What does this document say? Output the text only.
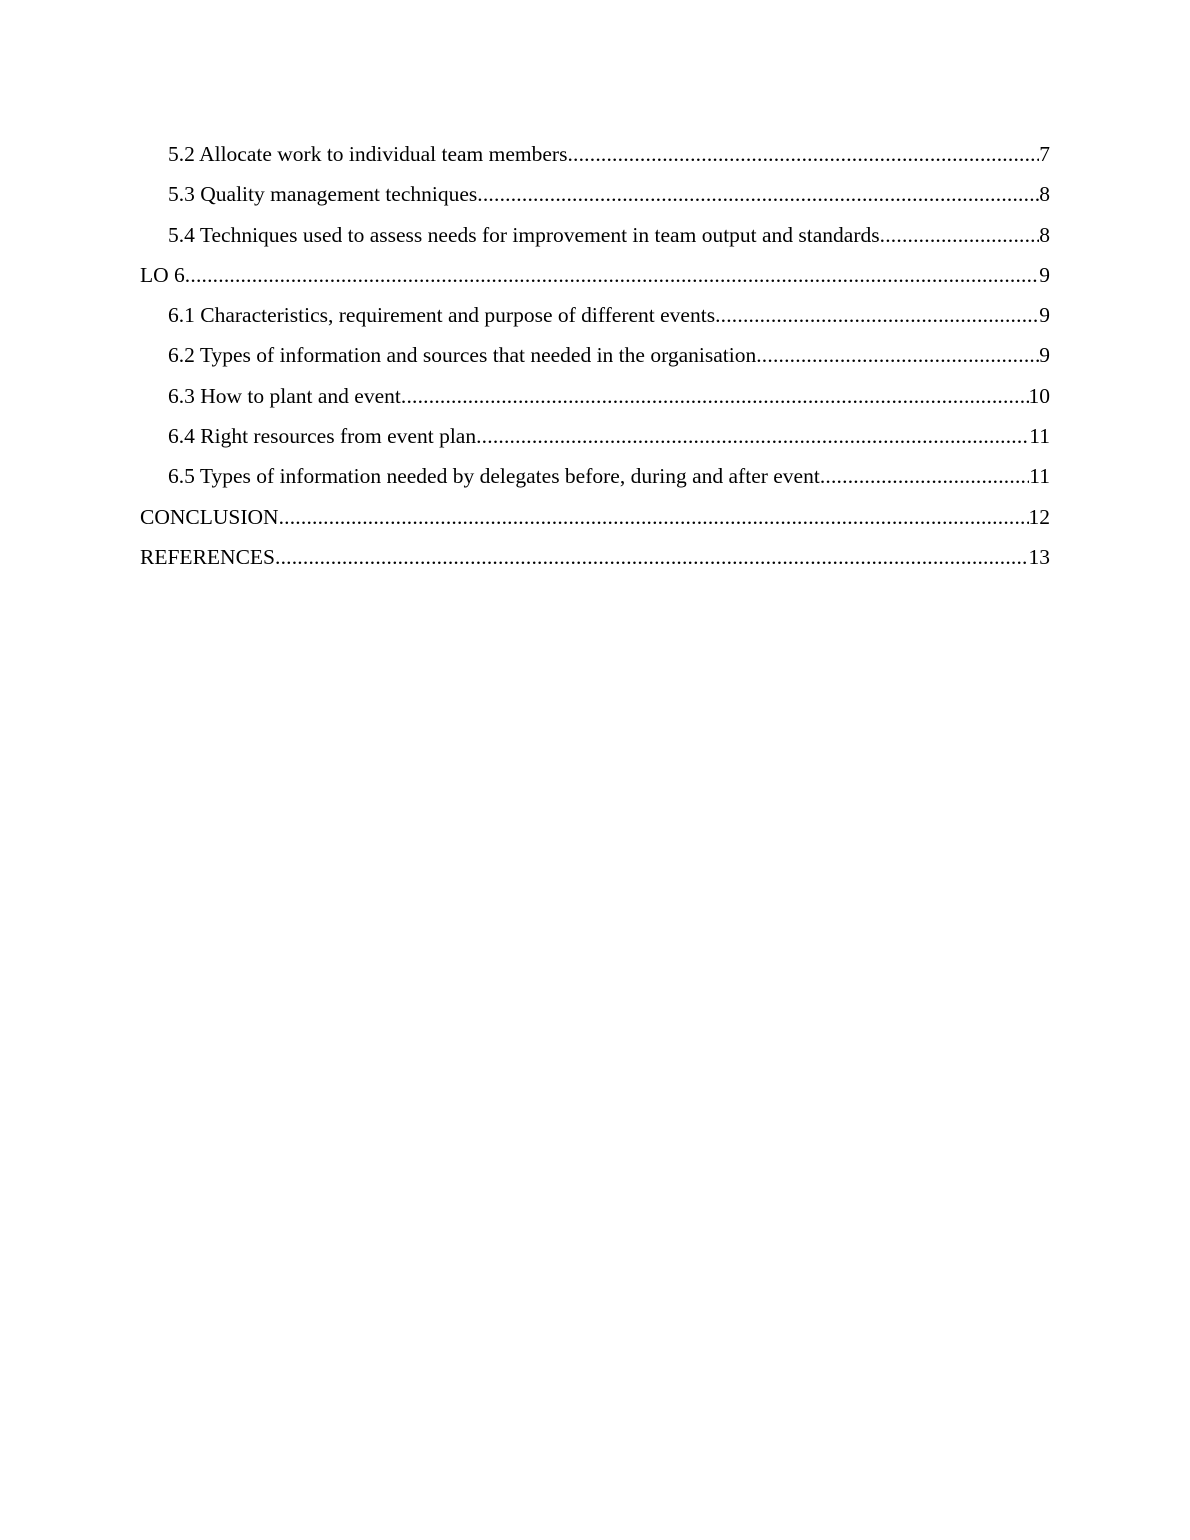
5.2 Allocate work to individual team members .....	7
5.3 Quality management techniques .....	8
5.4 Techniques used to assess needs for improvement in team output and standards .....	8
LO 6 .....	9
6.1 Characteristics, requirement and purpose of different events .....	9
6.2 Types of information and sources that needed in the organisation .....	9
6.3 How to plant and event .....	10
6.4 Right resources from event plan .....	11
6.5 Types of information needed by delegates before, during and after event .....	11
CONCLUSION .....	12
REFERENCES .....	13
